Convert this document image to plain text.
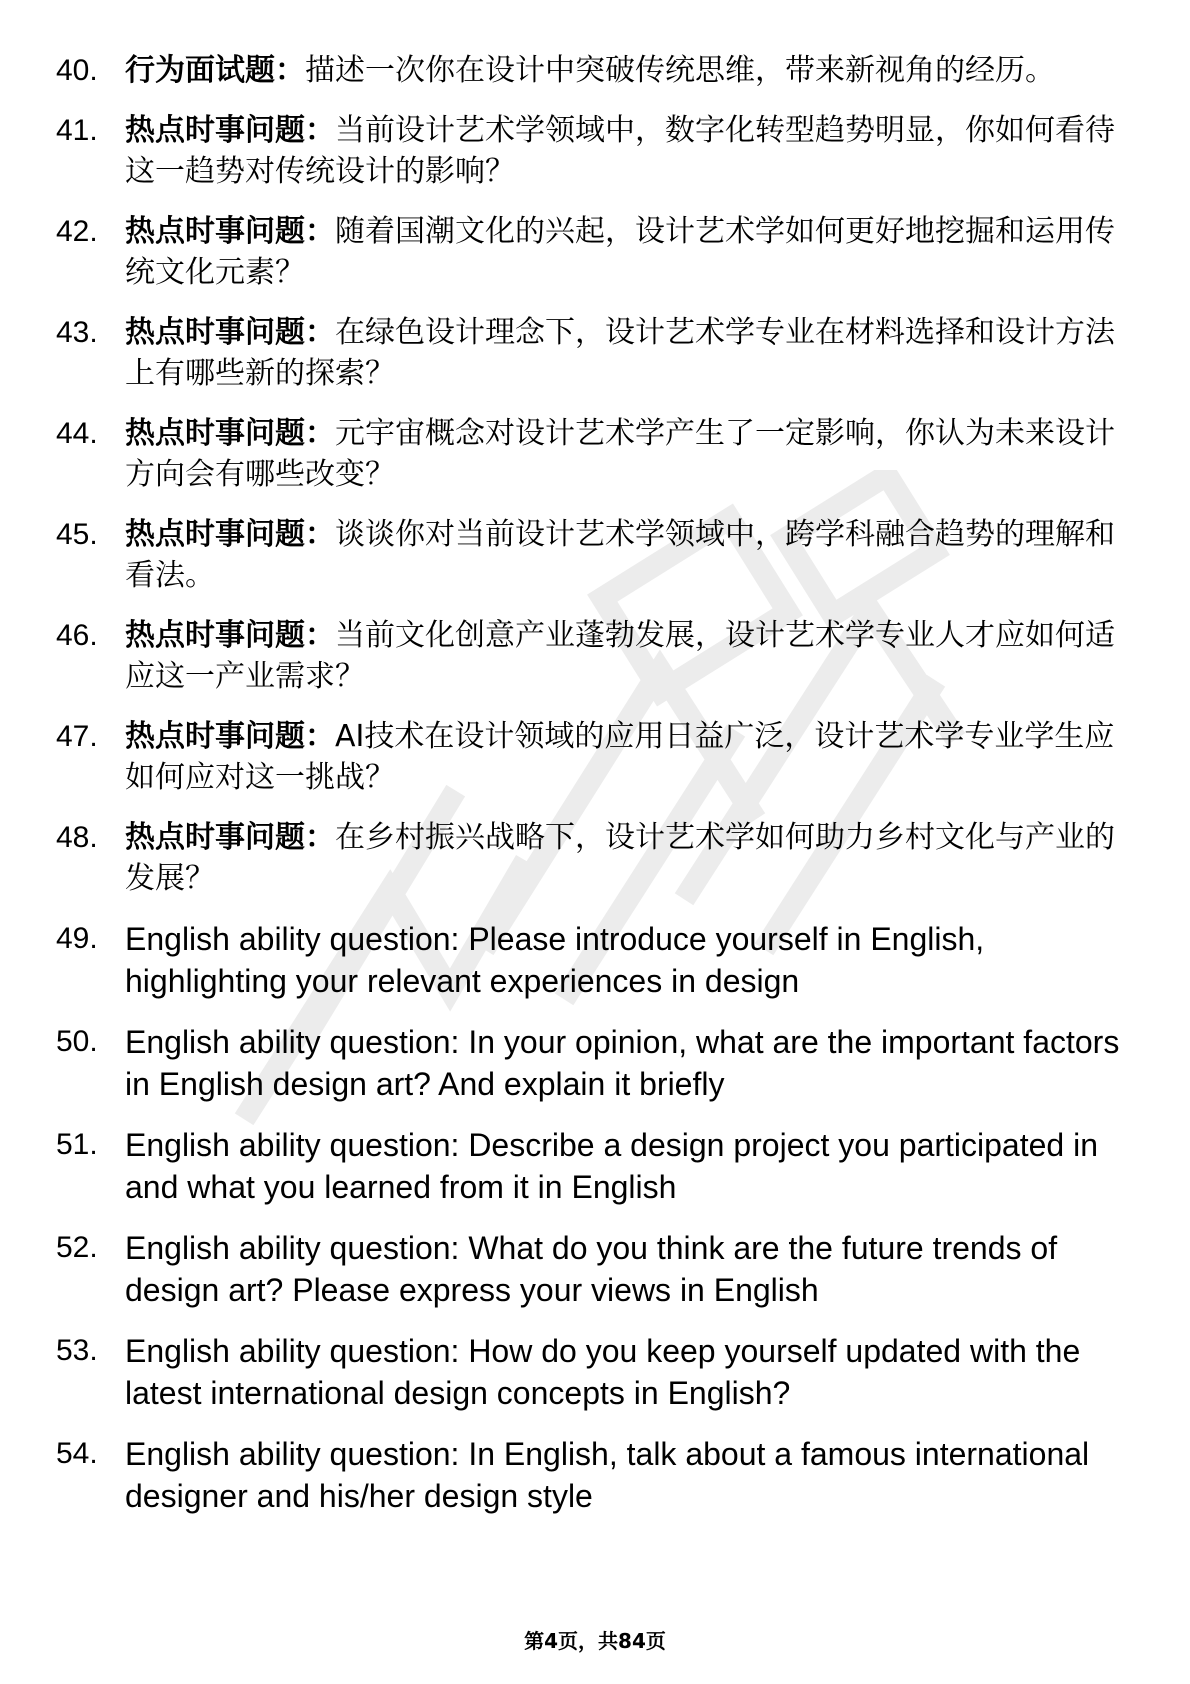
40. 行为面试题：描述一次你在设计中突破传统思维，带来新视角的经历。
41. 热点时事问题：当前设计艺术学领域中，数字化转型趋势明显，你如何看待这一趋势对传统设计的影响？
42. 热点时事问题：随着国潮文化的兴起，设计艺术学如何更好地挖掘和运用传统文化元素？
43. 热点时事问题：在绿色设计理念下，设计艺术学专业在材料选择和设计方法上有哪些新的探索？
44. 热点时事问题：元宇宙概念对设计艺术学产生了一定影响，你认为未来设计方向会有哪些改变？
45. 热点时事问题：谈谈你对当前设计艺术学领域中，跨学科融合趋势的理解和看法。
46. 热点时事问题：当前文化创意产业蓬勃发展，设计艺术学专业人才应如何适应这一产业需求？
47. 热点时事问题：AI技术在设计领域的应用日益广泛，设计艺术学专业学生应如何应对这一挑战？
48. 热点时事问题：在乡村振兴战略下，设计艺术学如何助力乡村文化与产业的发展？
49. English ability question: Please introduce yourself in English, highlighting your relevant experiences in design
50. English ability question: In your opinion, what are the important factors in English design art? And explain it briefly
51. English ability question: Describe a design project you participated in and what you learned from it in English
52. English ability question: What do you think are the future trends of design art? Please express your views in English
53. English ability question: How do you keep yourself updated with the latest international design concepts in English?
54. English ability question: In English, talk about a famous international designer and his/her design style
第4页，共84页
